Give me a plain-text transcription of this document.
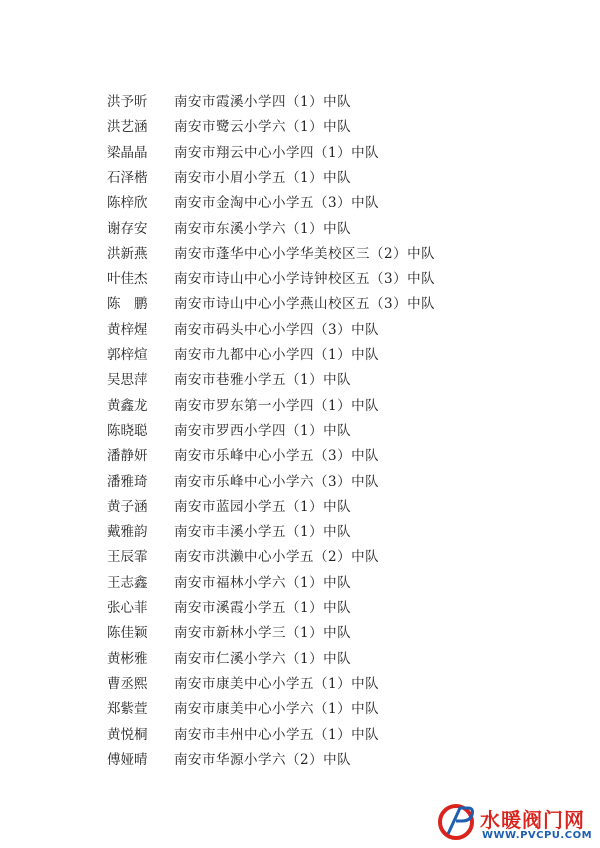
洪予昕 南安市霞溪小学四（1）中队
洪艺涵 南安市鹭云小学六（1）中队
梁晶晶 南安市翔云中心小学四（1）中队
石泽楷 南安市小眉小学五（1）中队
陈梓欣 南安市金淘中心小学五（3）中队
谢存安 南安市东溪小学六（1）中队
洪新燕 南安市蓬华中心小学华美校区三（2）中队
叶佳杰 南安市诗山中心小学诗钟校区五（3）中队
陈　鹏 南安市诗山中心小学燕山校区五（3）中队
黄梓煋 南安市码头中心小学四（3）中队
郭梓煊 南安市九都中心小学四（1）中队
吴思萍 南安市巷雅小学五（1）中队
黄鑫龙 南安市罗东第一小学四（1）中队
陈晓聪 南安市罗西小学四（1）中队
潘静妍 南安市乐峰中心小学五（3）中队
潘雅琦 南安市乐峰中心小学六（3）中队
黄子涵 南安市蓝园小学五（1）中队
戴雅韵 南安市丰溪小学五（1）中队
王辰霏 南安市洪濑中心小学五（2）中队
王志鑫 南安市福林小学六（1）中队
张心菲 南安市溪霞小学五（1）中队
陈佳颖 南安市新林小学三（1）中队
黄彬雅 南安市仁溪小学六（1）中队
曹丞熙 南安市康美中心小学五（1）中队
郑紫萱 南安市康美中心小学六（1）中队
黄悦桐 南安市丰州中心小学五（1）中队
傅娅晴 南安市华源小学六（2）中队
水暖阀门网
WWW.PVCPU.COM
